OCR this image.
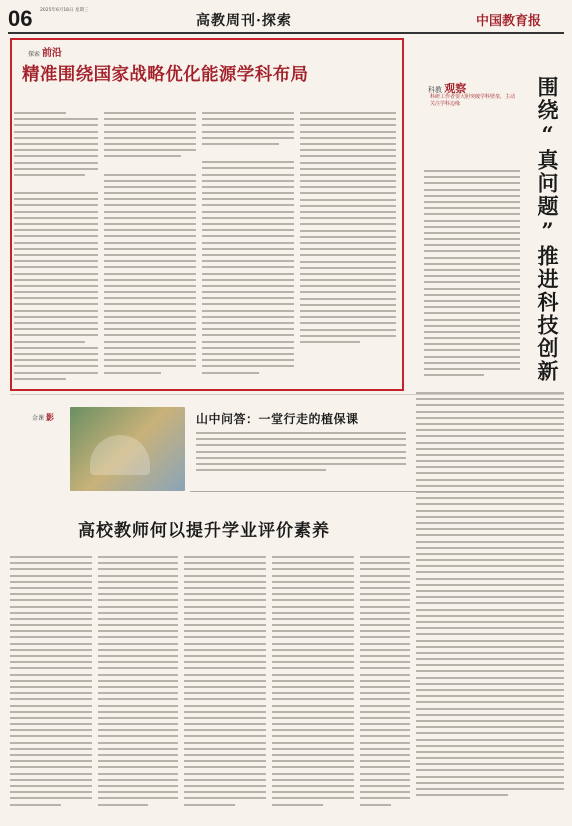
06 2025年6月18日 星期三
高教周刊·探索	中国教育报
探索 前沿
精准围绕国家战略优化能源学科布局
科教 观察
科研工作者要大胆突破学科壁垒，主动关注学科边缘	围绕“真问题”推进科技创新
金课 影	山中问答：一堂行走的植保课
高校教师何以提升学业评价素养
